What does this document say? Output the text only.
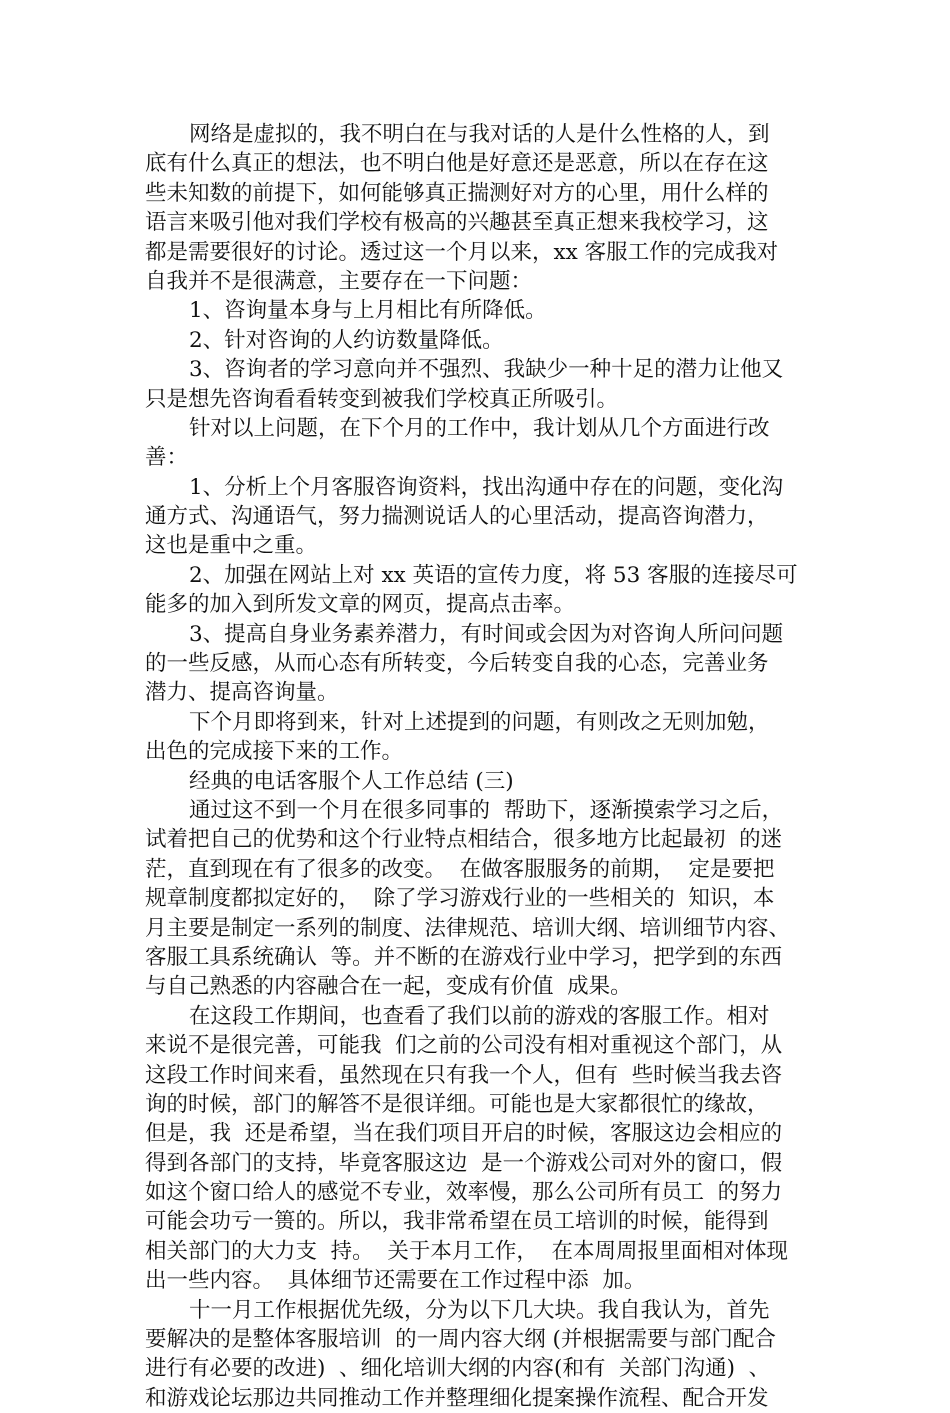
网络是虚拟的，我不明白在与我对话的人是什么性格的人，到
底有什么真正的想法，也不明白他是好意还是恶意，所以在存在这
些未知数的前提下，如何能够真正揣测好对方的心里，用什么样的
语言来吸引他对我们学校有极高的兴趣甚至真正想来我校学习，这
都是需要很好的讨论。透过这一个月以来，xx 客服工作的完成我对
自我并不是很满意，主要存在一下问题：
1、咨询量本身与上月相比有所降低。
2、针对咨询的人约访数量降低。
3、咨询者的学习意向并不强烈、我缺少一种十足的潜力让他又
只是想先咨询看看转变到被我们学校真正所吸引。
针对以上问题，在下个月的工作中，我计划从几个方面进行改
善：
1、分析上个月客服咨询资料，找出沟通中存在的问题，变化沟
通方式、沟通语气，努力揣测说话人的心里活动，提高咨询潜力，
这也是重中之重。
2、加强在网站上对 xx 英语的宣传力度，将 53 客服的连接尽可
能多的加入到所发文章的网页，提高点击率。
3、提高自身业务素养潜力，有时间或会因为对咨询人所问问题
的一些反感，从而心态有所转变，今后转变自我的心态，完善业务
潜力、提高咨询量。
下个月即将到来，针对上述提到的问题，有则改之无则加勉，
出色的完成接下来的工作。
经典的电话客服个人工作总结 (三)
通过这不到一个月在很多同事的  帮助下，逐渐摸索学习之后，
试着把自己的优势和这个行业特点相结合，很多地方比起最初  的迷
茫，直到现在有了很多的改变。  在做客服服务的前期，  定是要把
规章制度都拟定好的，  除了学习游戏行业的一些相关的  知识，本
月主要是制定一系列的制度、法律规范、培训大纲、培训细节内容、
客服工具系统确认  等。并不断的在游戏行业中学习，把学到的东西
与自己熟悉的内容融合在一起，变成有价值  成果。
在这段工作期间，也查看了我们以前的游戏的客服工作。相对
来说不是很完善，可能我  们之前的公司没有相对重视这个部门，从
这段工作时间来看，虽然现在只有我一个人，但有  些时候当我去咨
询的时候，部门的解答不是很详细。可能也是大家都很忙的缘故，
但是，我  还是希望，当在我们项目开启的时候，客服这边会相应的
得到各部门的支持，毕竟客服这边  是一个游戏公司对外的窗口，假
如这个窗口给人的感觉不专业，效率慢，那么公司所有员工  的努力
可能会功亏一篑的。所以，我非常希望在员工培训的时候，能得到
相关部门的大力支  持。  关于本月工作，  在本周周报里面相对体现
出一些内容。  具体细节还需要在工作过程中添  加。
十一月工作根据优先级，分为以下几大块。我自我认为，首先
要解决的是整体客服培训  的一周内容大纲 (并根据需要与部门配合
进行有必要的改进)  、细化培训大纲的内容(和有  关部门沟通)  、
和游戏论坛那边共同推动工作并整理细化提案操作流程、配合开发
